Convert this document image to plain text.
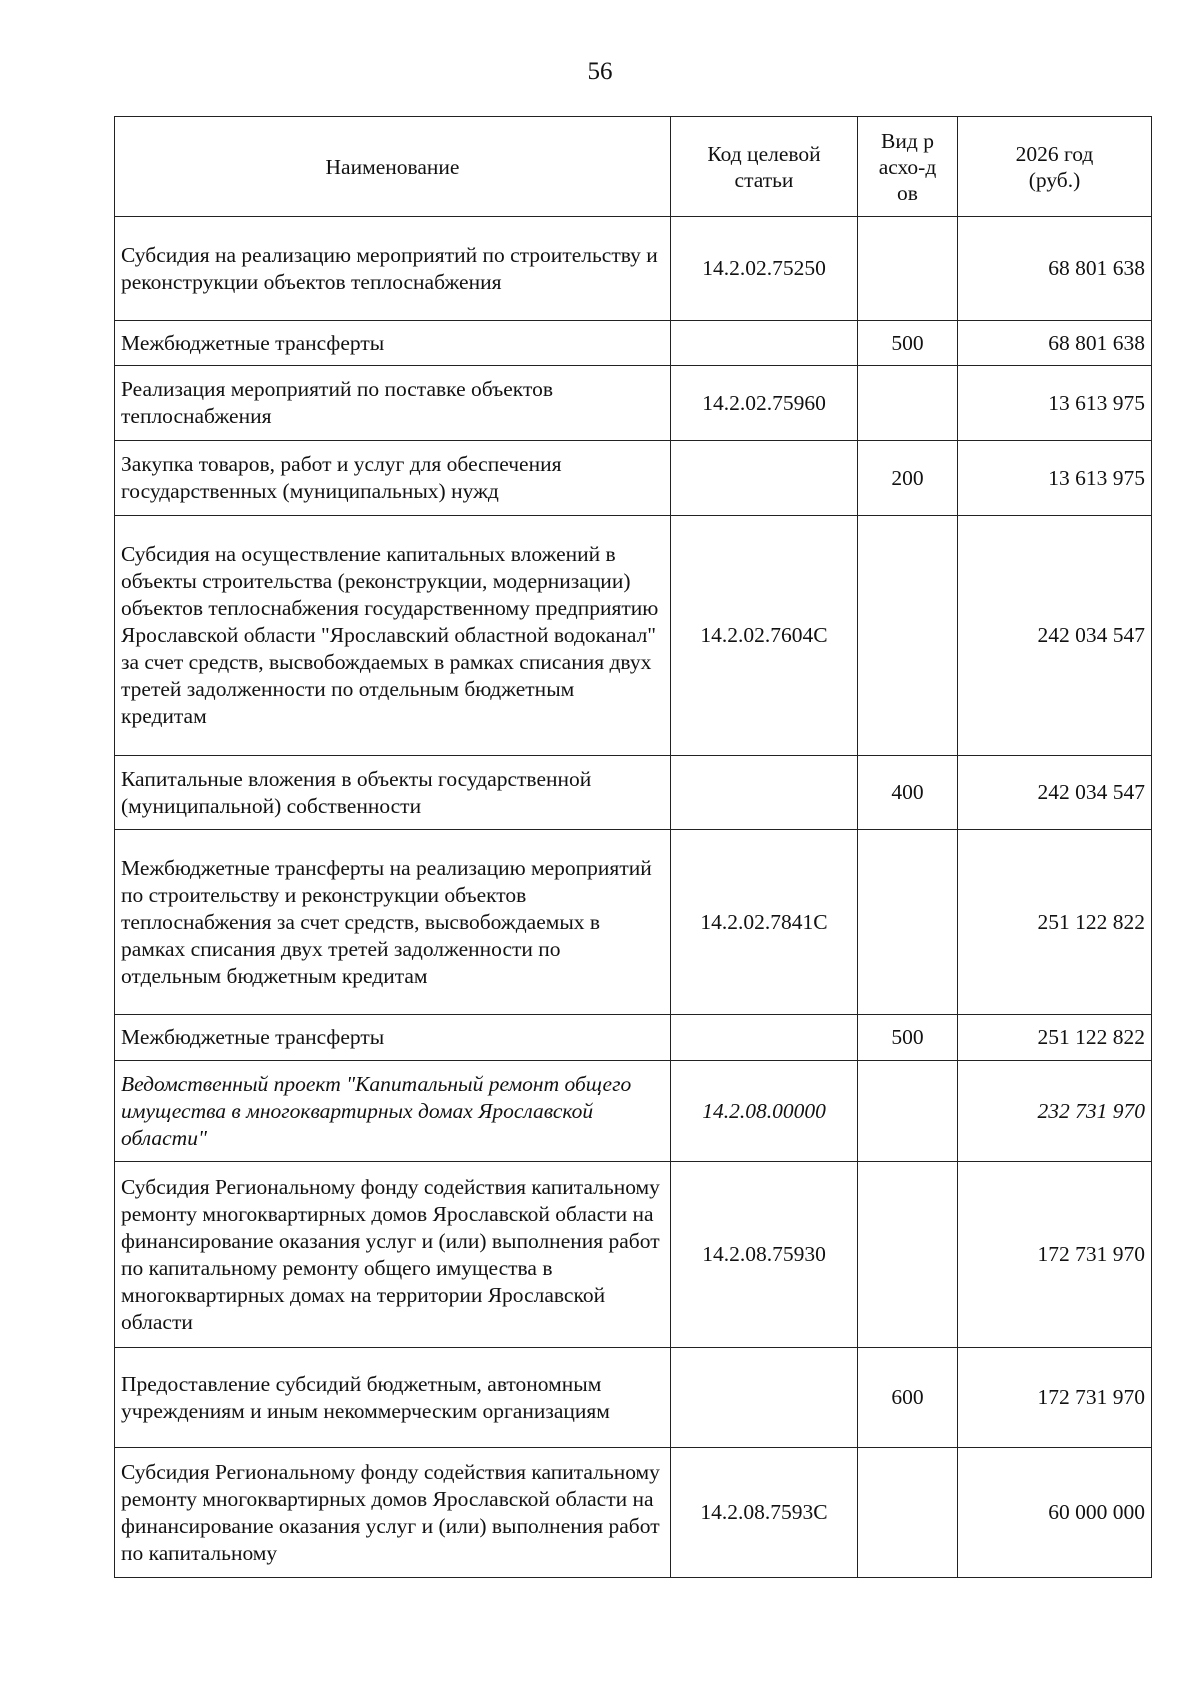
56
Наименование	Код целевой статьи	Вид расхо-дов	2026 год (руб.)
Субсидия на реализацию мероприятий по строительству и реконструкции объектов теплоснабжения	14.2.02.75250		68 801 638
Межбюджетные трансферты		500	68 801 638
Реализация мероприятий по поставке объектов теплоснабжения	14.2.02.75960		13 613 975
Закупка товаров, работ и услуг для обеспечения государственных (муниципальных) нужд		200	13 613 975
Субсидия на осуществление капитальных вложений в объекты строительства (реконструкции, модернизации) объектов теплоснабжения государственному предприятию Ярославской области "Ярославский областной водоканал" за счет средств, высвобождаемых в рамках списания двух третей задолженности по отдельным бюджетным кредитам	14.2.02.7604С		242 034 547
Капитальные вложения в объекты государственной (муниципальной) собственности		400	242 034 547
Межбюджетные трансферты на реализацию мероприятий по строительству и реконструкции объектов теплоснабжения за счет средств, высвобождаемых в рамках списания двух третей задолженности по отдельным бюджетным кредитам	14.2.02.7841С		251 122 822
Межбюджетные трансферты		500	251 122 822
Ведомственный проект "Капитальный ремонт общего имущества в многоквартирных домах Ярославской области"	14.2.08.00000		232 731 970
Субсидия Региональному фонду содействия капитальному ремонту многоквартирных домов Ярославской области на финансирование оказания услуг и (или) выполнения работ по капитальному ремонту общего имущества в многоквартирных домах на территории Ярославской области	14.2.08.75930		172 731 970
Предоставление субсидий бюджетным, автономным учреждениям и иным некоммерческим организациям		600	172 731 970
Субсидия Региональному фонду содействия капитальному ремонту многоквартирных домов Ярославской области на финансирование оказания услуг и (или) выполнения работ по капитальному	14.2.08.7593С		60 000 000
